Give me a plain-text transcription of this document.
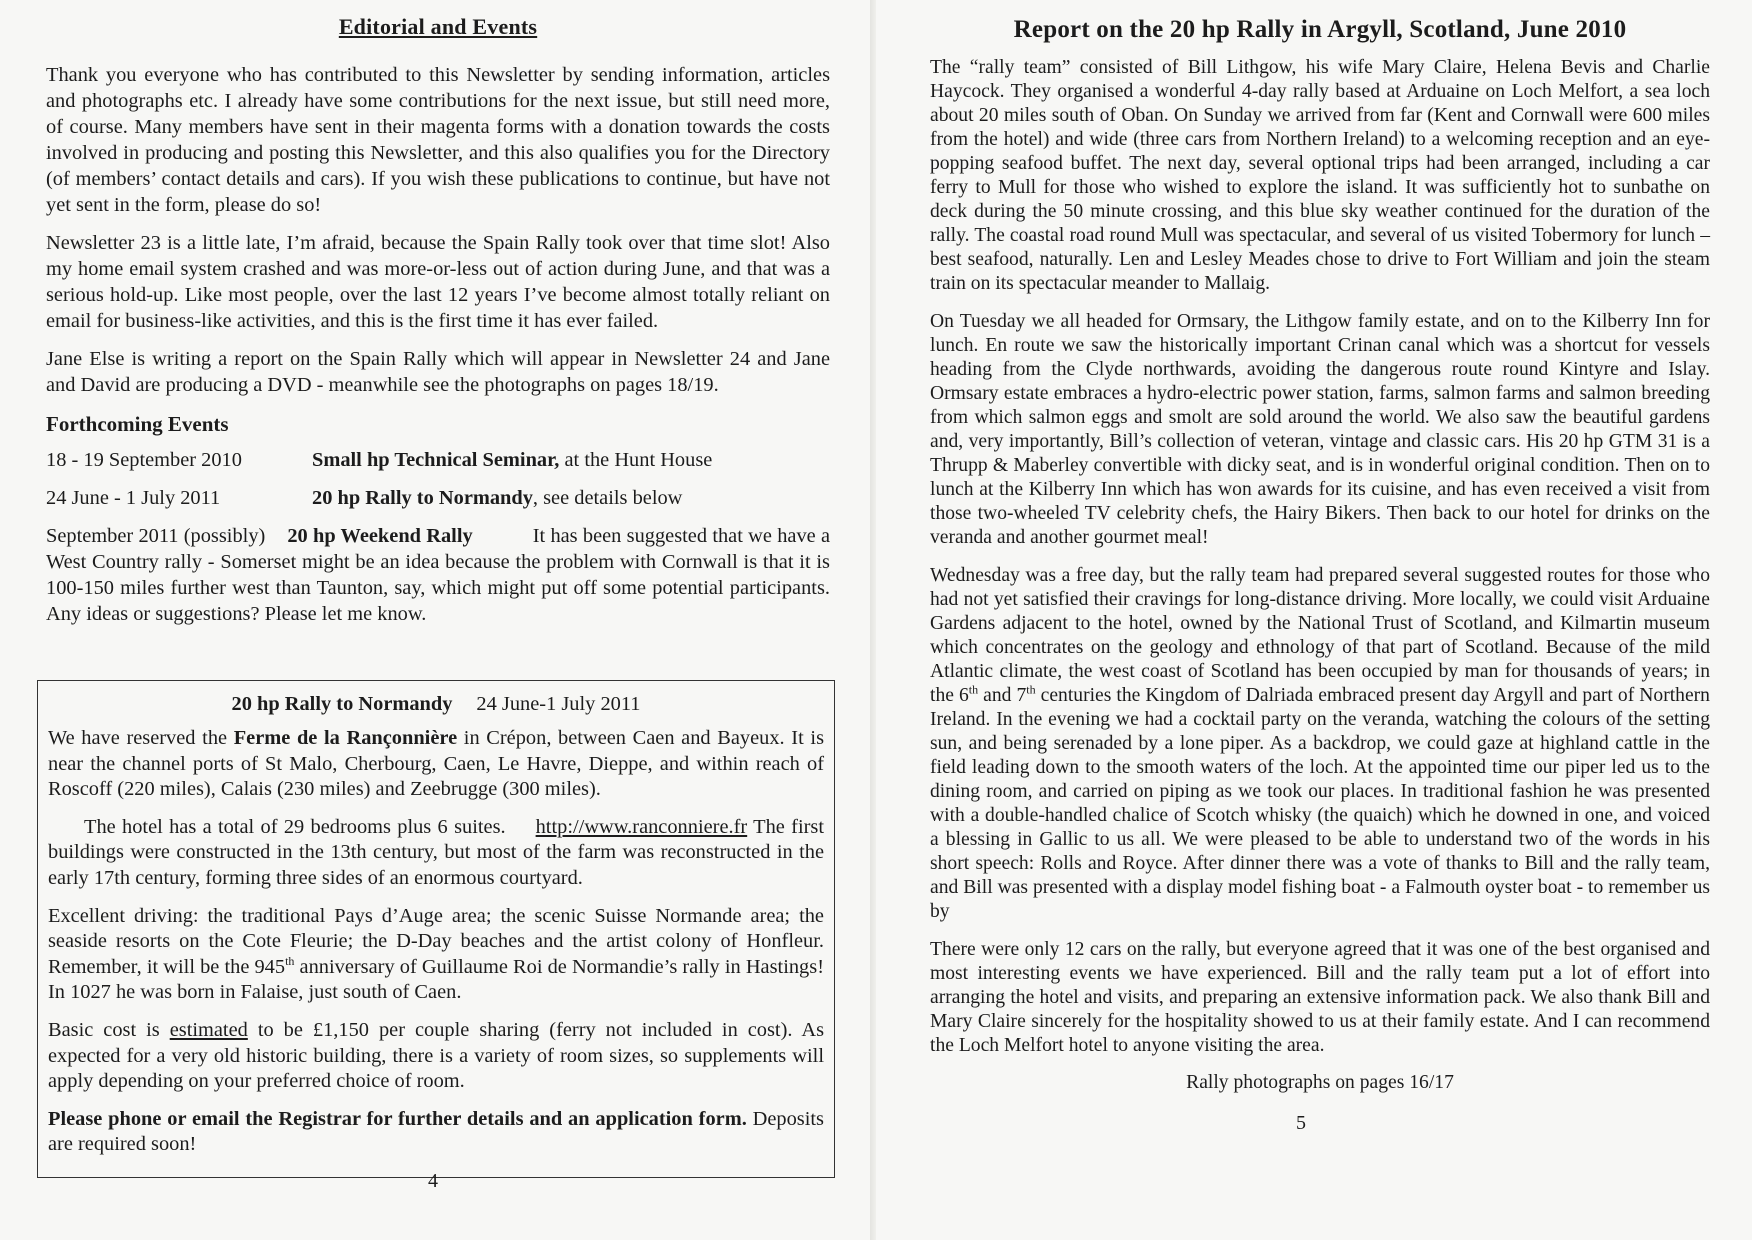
Editorial and Events

Thank you everyone who has contributed to this Newsletter by sending information, articles and photographs etc. I already have some contributions for the next issue, but still need more, of course. Many members have sent in their magenta forms with a donation towards the costs involved in producing and posting this Newsletter, and this also qualifies you for the Directory (of members’ contact details and cars). If you wish these publications to continue, but have not yet sent in the form, please do so!

Newsletter 23 is a little late, I’m afraid, because the Spain Rally took over that time slot! Also my home email system crashed and was more-or-less out of action during June, and that was a serious hold-up. Like most people, over the last 12 years I’ve become almost totally reliant on email for business-like activities, and this is the first time it has ever failed.

Jane Else is writing a report on the Spain Rally which will appear in Newsletter 24 and Jane and David are producing a DVD - meanwhile see the photographs on pages 18/19.

Forthcoming Events
18 - 19 September 2010	Small hp Technical Seminar, at the Hunt House
24 June - 1 July 2011	20 hp Rally to Normandy, see details below

September 2011 (possibly) 20 hp Weekend Rally	It has been suggested that we have a West Country rally - Somerset might be an idea because the problem with Cornwall is that it is 100-150 miles further west than Taunton, say, which might put off some potential participants. Any ideas or suggestions? Please let me know.

20 hp Rally to Normandy 24 June-1 July 2011

We have reserved the Ferme de la Rançonnière in Crépon, between Caen and Bayeux. It is near the channel ports of St Malo, Cherbourg, Caen, Le Havre, Dieppe, and within reach of Roscoff (220 miles), Calais (230 miles) and Zeebrugge (300 miles).

The hotel has a total of 29 bedrooms plus 6 suites. http://www.ranconniere.fr The first buildings were constructed in the 13th century, but most of the farm was reconstructed in the early 17th century, forming three sides of an enormous courtyard.

Excellent driving: the traditional Pays d’Auge area; the scenic Suisse Normande area; the seaside resorts on the Cote Fleurie; the D-Day beaches and the artist colony of Honfleur. Remember, it will be the 945th anniversary of Guillaume Roi de Normandie’s rally in Hastings! In 1027 he was born in Falaise, just south of Caen.

Basic cost is estimated to be £1,150 per couple sharing (ferry not included in cost). As expected for a very old historic building, there is a variety of room sizes, so supplements will apply depending on your preferred choice of room.

Please phone or email the Registrar for further details and an application form. Deposits are required soon!

4
Report on the 20 hp Rally in Argyll, Scotland, June 2010

The “rally team” consisted of Bill Lithgow, his wife Mary Claire, Helena Bevis and Charlie Haycock. They organised a wonderful 4-day rally based at Arduaine on Loch Melfort, a sea loch about 20 miles south of Oban. On Sunday we arrived from far (Kent and Cornwall were 600 miles from the hotel) and wide (three cars from Northern Ireland) to a welcoming reception and an eye-popping seafood buffet. The next day, several optional trips had been arranged, including a car ferry to Mull for those who wished to explore the island. It was sufficiently hot to sunbathe on deck during the 50 minute crossing, and this blue sky weather continued for the duration of the rally. The coastal road round Mull was spectacular, and several of us visited Tobermory for lunch – best seafood, naturally. Len and Lesley Meades chose to drive to Fort William and join the steam train on its spectacular meander to Mallaig.

On Tuesday we all headed for Ormsary, the Lithgow family estate, and on to the Kilberry Inn for lunch. En route we saw the historically important Crinan canal which was a shortcut for vessels heading from the Clyde northwards, avoiding the dangerous route round Kintyre and Islay. Ormsary estate embraces a hydro-electric power station, farms, salmon farms and salmon breeding from which salmon eggs and smolt are sold around the world. We also saw the beautiful gardens and, very importantly, Bill’s collection of veteran, vintage and classic cars. His 20 hp GTM 31 is a Thrupp & Maberley convertible with dicky seat, and is in wonderful original condition. Then on to lunch at the Kilberry Inn which has won awards for its cuisine, and has even received a visit from those two-wheeled TV celebrity chefs, the Hairy Bikers. Then back to our hotel for drinks on the veranda and another gourmet meal!

Wednesday was a free day, but the rally team had prepared several suggested routes for those who had not yet satisfied their cravings for long-distance driving. More locally, we could visit Arduaine Gardens adjacent to the hotel, owned by the National Trust of Scotland, and Kilmartin museum which concentrates on the geology and ethnology of that part of Scotland. Because of the mild Atlantic climate, the west coast of Scotland has been occupied by man for thousands of years; in the 6th and 7th centuries the Kingdom of Dalriada embraced present day Argyll and part of Northern Ireland. In the evening we had a cocktail party on the veranda, watching the colours of the setting sun, and being serenaded by a lone piper. As a backdrop, we could gaze at highland cattle in the field leading down to the smooth waters of the loch. At the appointed time our piper led us to the dining room, and carried on piping as we took our places. In traditional fashion he was presented with a double-handled chalice of Scotch whisky (the quaich) which he downed in one, and voiced a blessing in Gallic to us all. We were pleased to be able to understand two of the words in his short speech: Rolls and Royce. After dinner there was a vote of thanks to Bill and the rally team, and Bill was presented with a display model fishing boat - a Falmouth oyster boat - to remember us by

There were only 12 cars on the rally, but everyone agreed that it was one of the best organised and most interesting events we have experienced. Bill and the rally team put a lot of effort into arranging the hotel and visits, and preparing an extensive information pack. We also thank Bill and Mary Claire sincerely for the hospitality showed to us at their family estate. And I can recommend the Loch Melfort hotel to anyone visiting the area.

Rally photographs on pages 16/17
5
